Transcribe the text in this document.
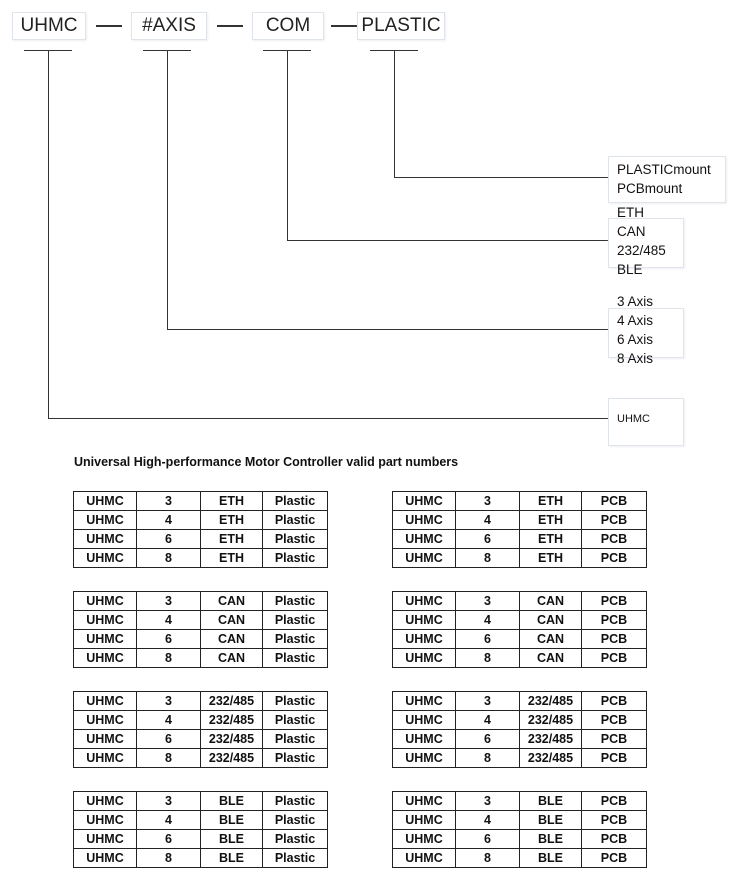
UHMC	#AXIS	COM	PLASTIC
PLASTICmount
PCBmount
ETH
CAN
232/485
BLE
3 Axis
4 Axis
6 Axis
8 Axis
UHMC
Universal High-performance Motor Controller valid part numbers
UHMC	3	ETH	Plastic
UHMC	4	ETH	Plastic
UHMC	6	ETH	Plastic
UHMC	8	ETH	Plastic
UHMC	3	ETH	PCB
UHMC	4	ETH	PCB
UHMC	6	ETH	PCB
UHMC	8	ETH	PCB
UHMC	3	CAN	Plastic
UHMC	4	CAN	Plastic
UHMC	6	CAN	Plastic
UHMC	8	CAN	Plastic
UHMC	3	CAN	PCB
UHMC	4	CAN	PCB
UHMC	6	CAN	PCB
UHMC	8	CAN	PCB
UHMC	3	232/485	Plastic
UHMC	4	232/485	Plastic
UHMC	6	232/485	Plastic
UHMC	8	232/485	Plastic
UHMC	3	232/485	PCB
UHMC	4	232/485	PCB
UHMC	6	232/485	PCB
UHMC	8	232/485	PCB
UHMC	3	BLE	Plastic
UHMC	4	BLE	Plastic
UHMC	6	BLE	Plastic
UHMC	8	BLE	Plastic
UHMC	3	BLE	PCB
UHMC	4	BLE	PCB
UHMC	6	BLE	PCB
UHMC	8	BLE	PCB
